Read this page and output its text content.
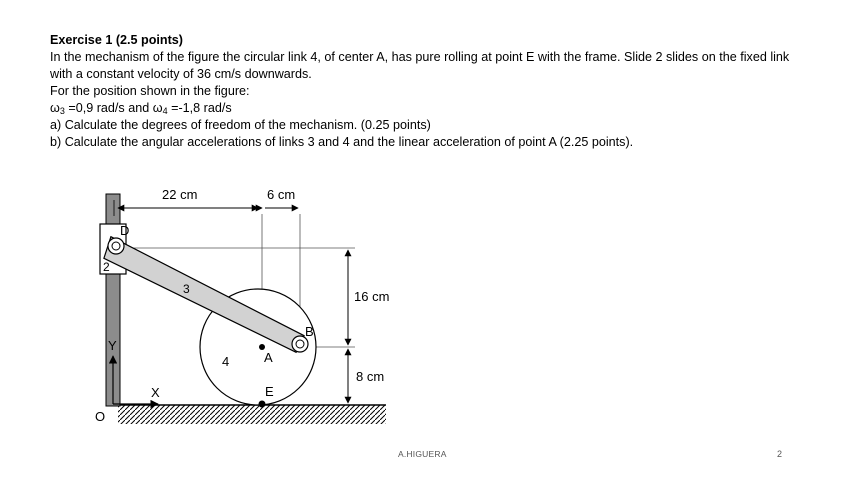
Exercise 1 (2.5 points)
In the mechanism of the figure the circular link 4, of center A, has pure rolling at point E with the frame. Slide 2 slides on the fixed link
with a constant velocity of 36 cm/s downwards.
For the position shown in the figure:
$\omega_3 =0,9$ rad/s and $\omega_4 =-1,8$ rad/s
a) Calculate the degrees of freedom of the mechanism. (0.25 points)
b) Calculate the angular accelerations of links 3 and 4 and the linear acceleration of point A (2.25 points).
22 cm	6 cm
16 cm
8 cm
D
2
3
4	A
B
E
X
Y
O
A.HIGUERA	2
